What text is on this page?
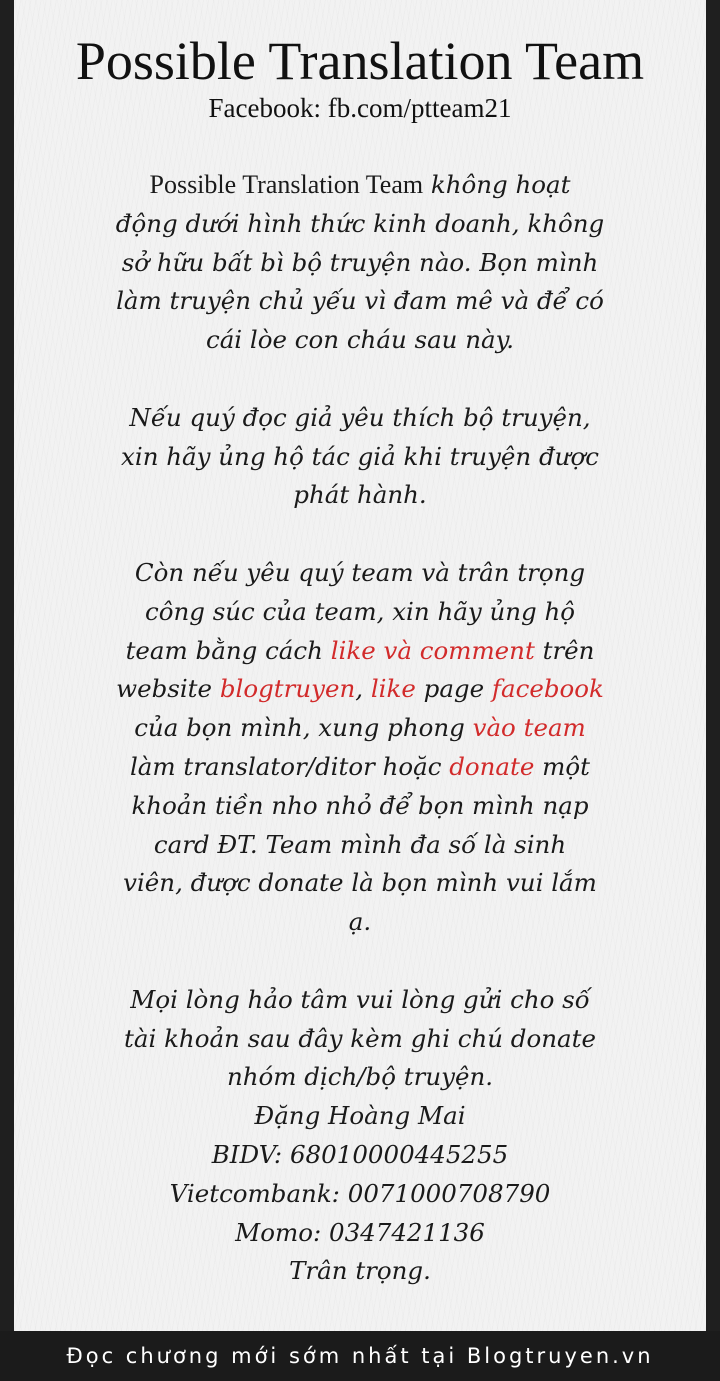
Possible Translation Team
Facebook: fb.com/ptteam21

Possible Translation Team không hoạt

động dưới hình thức kinh doanh, không

sở hữu bất bì bộ truyện nào. Bọn mình

làm truyện chủ yếu vì đam mê và để có

cái lòe con cháu sau này.

Nếu quý đọc giả yêu thích bộ truyện,

xin hãy ủng hộ tác giả khi truyện được

phát hành.

Còn nếu yêu quý team và trân trọng

công súc của team, xin hãy ủng hộ

team bằng cách like và comment trên

website blogtruyen, like page facebook

của bọn mình, xung phong vào team

làm translator/ditor hoặc donate một

khoản tiền nho nhỏ để bọn mình nạp

card ĐT. Team mình đa số là sinh

viên, được donate là bọn mình vui lắm

ạ.

Mọi lòng hảo tâm vui lòng gửi cho số

tài khoản sau đây kèm ghi chú donate

nhóm dịch/bộ truyện.

Đặng Hoàng Mai

BIDV: 68010000445255

Vietcombank: 0071000708790

Momo: 0347421136

Trân trọng.

Đọc chương mới sớm nhất tại Blogtruyen.vn
